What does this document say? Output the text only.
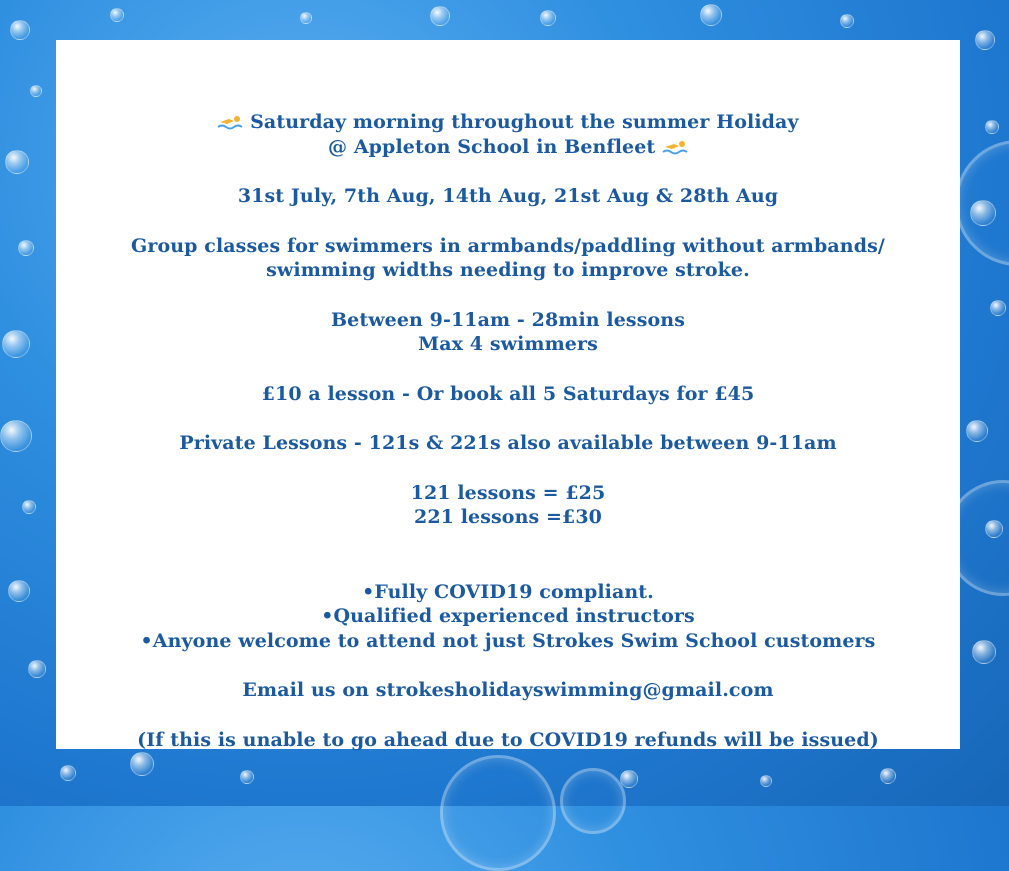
Saturday morning throughout the summer Holiday
@ Appleton School in Benfleet
31st July, 7th Aug, 14th Aug, 21st Aug & 28th Aug
Group classes for swimmers in armbands/paddling without armbands/
swimming widths needing to improve stroke.
Between 9-11am - 28min lessons
Max 4 swimmers
£10 a lesson - Or book all 5 Saturdays for £45
Private Lessons - 121s & 221s also available between 9-11am
121 lessons = £25
221 lessons =£30
•Fully COVID19 compliant.
•Qualified experienced instructors
•Anyone welcome to attend not just Strokes Swim School customers
Email us on strokesholidayswimming@gmail.com
(If this is unable to go ahead due to COVID19 refunds will be issued)
